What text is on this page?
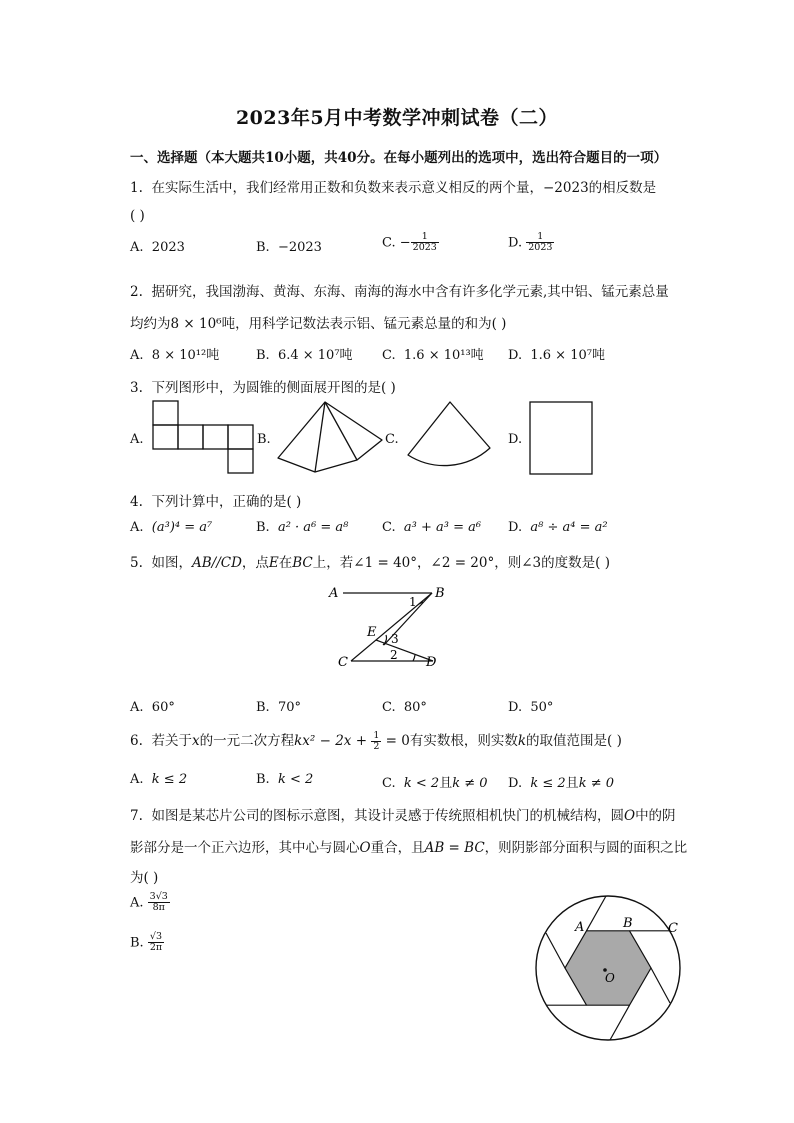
2023年5月中考数学冲刺试卷（二）
一、选择题（本大题共10小题，共40分。在每小题列出的选项中，选出符合题目的一项）
1. 在实际生活中，我们经常用正数和负数来表示意义相反的两个量，−2023的相反数是
( )
A. 2023	B. −2023	C. − $\frac{1}{2023}$	D. $\frac{1}{2023}$
2. 据研究，我国渤海、黄海、东海、南海的海水中含有许多化学元素,其中铝、锰元素总量
均约为8 × 10⁶吨，用科学记数法表示铝、锰元素总量的和为( )
A. 8 × 10¹²吨	B. 6.4 × 10⁷吨 C. 1.6 × 10¹³吨 D. 1.6 × 10⁷吨
3. 下列图形中，为圆锥的侧面展开图的是( )
A.	B.	C.	D.
4. 下列计算中，正确的是( )
A. (a³)⁴ = a⁷	B. a² · a⁶ = a⁸	C. a³ + a³ = a⁶ D. a⁸ ÷ a⁴ = a²
5. 如图，AB//CD，点E在BC上，若∠1 = 40°，∠2 = 20°，则∠3的度数是( )
A	B
C	D
E
1
3
2
A. 60°	B. 70°	C. 80°	D. 50°
6. 若关于x的一元二次方程$kx^2 - 2x + \frac{1}{2} = 0$有实数根，则实数k的取值范围是( )
A. k ≤ 2	B. k < 2	C. k < 2且k ≠ 0 D. k ≤ 2且k ≠ 0
7. 如图是某芯片公司的图标示意图，其设计灵感于传统照相机快门的机械结构，圆O中的阴
影部分是一个正六边形，其中心与圆心O重合，且AB = BC，则阴影部分面积与圆的面积之比
为( )
A. $\frac{3√3}{8\pi}$
B. $\frac{√3}{2\pi}$
A	B	C
O
